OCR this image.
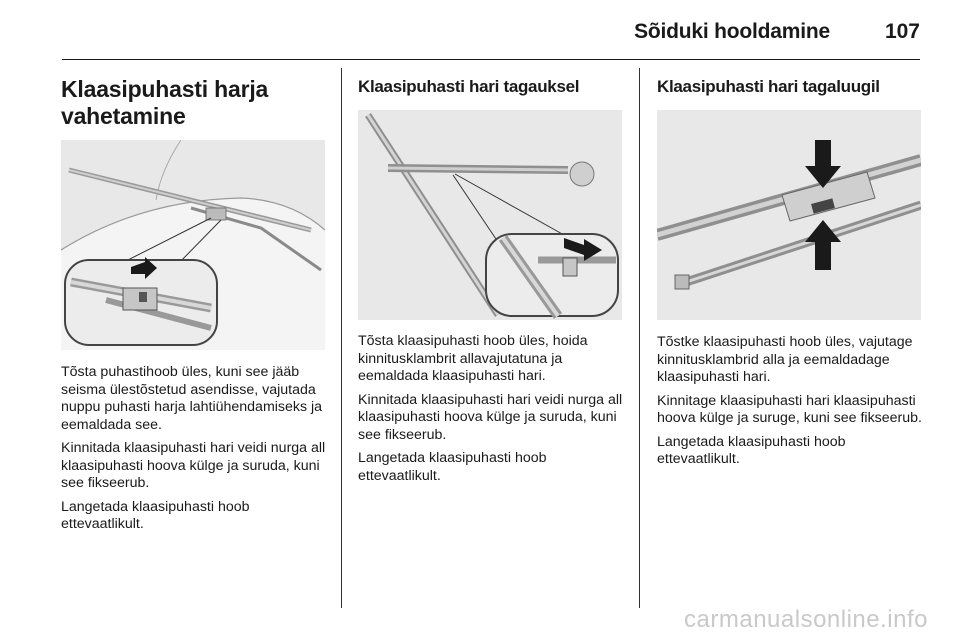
Sõiduki hooldamine	107
Klaasipuhasti harja vahetamine

Tõsta puhastihoob üles, kuni see jääb seisma ülestõstetud asendisse, vajutada nuppu puhasti harja lahtiühendamiseks ja eemaldada see.

Kinnitada klaasipuhasti hari veidi nurga all klaasipuhasti hoova külge ja suruda, kuni see fikseerub.

Langetada klaasipuhasti hoob ettevaatlikult.

Klaasipuhasti hari tagauksel

Tõsta klaasipuhasti hoob üles, hoida kinnitusklambrit allavajutatuna ja eemaldada klaasipuhasti hari.

Kinnitada klaasipuhasti hari veidi nurga all klaasipuhasti hoova külge ja suruda, kuni see fikseerub.

Langetada klaasipuhasti hoob ettevaatlikult.

Klaasipuhasti hari tagaluugil

Tõstke klaasipuhasti hoob üles, vajutage kinnitusklambrid alla ja eemaldadage klaasipuhasti hari.

Kinnitage klaasipuhasti hari klaasipuhasti hoova külge ja suruge, kuni see fikseerub.

Langetada klaasipuhasti hoob ettevaatlikult.

carmanualsonline.info
